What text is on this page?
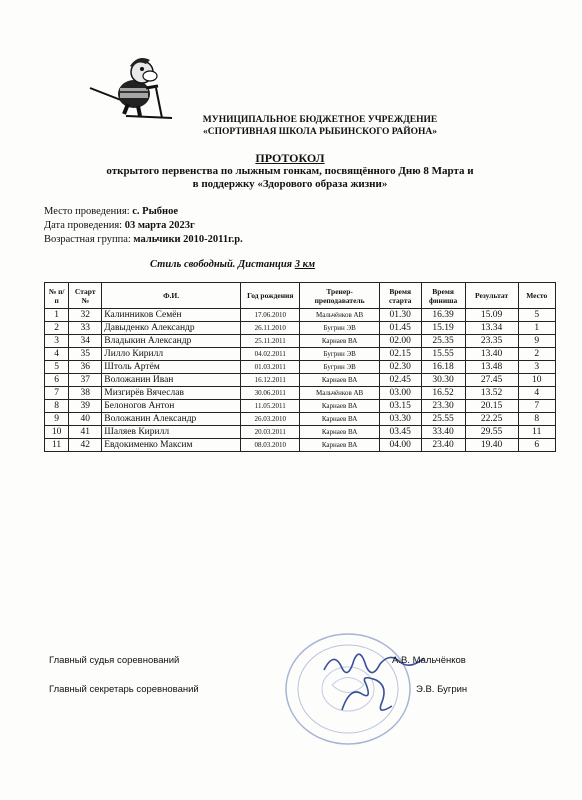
МУНИЦИПАЛЬНОЕ БЮДЖЕТНОЕ УЧРЕЖДЕНИЕ
«СПОРТИВНАЯ ШКОЛА РЫБИНСКОГО РАЙОНА»
ПРОТОКОЛ
открытого первенства по лыжным гонкам, посвящённого Дню 8 Марта и
в поддержку «Здорового образа жизни»
Место проведения: с. Рыбное
Дата проведения: 03 марта 2023г
Возрастная группа: мальчики 2010-2011г.р.
Стиль свободный. Дистанция 3 км
№ п/п	Старт №	Ф.И.	Год рождения	Тренер-преподаватель	Время старта	Время финиша	Результат	Место
1	32	Калинников Семён	17.06.2010	Мальчёнков АВ	01.30	16.39	15.09	5
2	33	Давыденко Александр	26.11.2010	Бугрин ЭВ	01.45	15.19	13.34	1
3	34	Владыкин Александр	25.11.2011	Карнаев ВА	02.00	25.35	23.35	9
4	35	Лилло Кирилл	04.02.2011	Бугрин ЭВ	02.15	15.55	13.40	2
5	36	Штоль Артём	01.03.2011	Бугрин ЭВ	02.30	16.18	13.48	3
6	37	Воложанин Иван	16.12.2011	Карнаев ВА	02.45	30.30	27.45	10
7	38	Мизгирёв Вячеслав	30.06.2011	Мальчёнков АВ	03.00	16.52	13.52	4
8	39	Белоногов Антон	11.05.2011	Карнаев ВА	03.15	23.30	20.15	7
9	40	Воложанин Александр	26.03.2010	Карнаев ВА	03.30	25.55	22.25	8
10	41	Шаляев Кирилл	20.03.2011	Карнаев ВА	03.45	33.40	29.55	11
11	42	Евдокименко Максим	08.03.2010	Карнаев ВА	04.00	23.40	19.40	6
Главный судья соревнований	А.В. Мальчёнков
Главный секретарь соревнований	Э.В. Бугрин
